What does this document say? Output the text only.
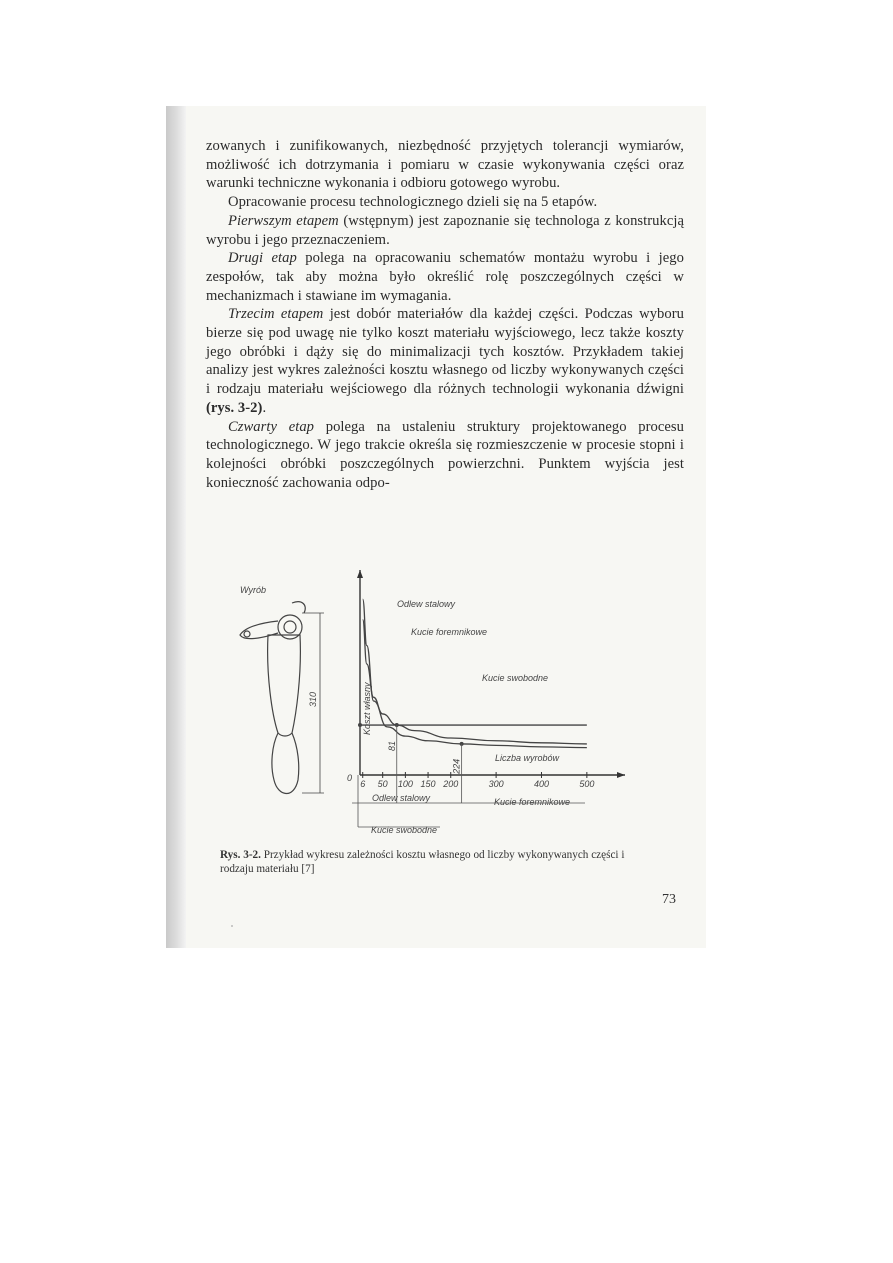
zowanych i zunifikowanych, niezbędność przyjętych tolerancji wymiarów, możliwość ich dotrzymania i pomiaru w czasie wykonywania części oraz warunki techniczne wykonania i odbioru gotowego wyrobu.

Opracowanie procesu technologicznego dzieli się na 5 etapów.

Pierwszym etapem (wstępnym) jest zapoznanie się technologa z konstrukcją wyrobu i jego przeznaczeniem.

Drugi etap polega na opracowaniu schematów montażu wyrobu i jego zespołów, tak aby można było określić rolę poszczególnych części w mechanizmach i stawiane im wymagania.

Trzecim etapem jest dobór materiałów dla każdej części. Podczas wyboru bierze się pod uwagę nie tylko koszt materiału wyjściowego, lecz także koszty jego obróbki i dąży się do minimalizacji tych kosztów. Przykładem takiej analizy jest wykres zależności kosztu własnego od liczby wykonywanych części i rodzaju materiału wejściowego dla różnych technologii wykonania dźwigni (rys. 3-2).

Czwarty etap polega na ustaleniu struktury projektowanego procesu technologicznego. W jego trakcie określa się rozmieszczenie w procesie stopni i kolejności obróbki poszczególnych powierzchni. Punktem wyjścia jest konieczność zachowania odpo-

Wyrób
310	Koszt własny
0
Liczba wyrobów
Odlew stalowy
Kucie foremnikowe
Kucie swobodne
Odlew stalowy	Kucie foremnikowe
Kucie swobodne
6 50 100 150 200	300	400	500
81
224
Rys. 3-2. Przykład wykresu zależności kosztu własnego od liczby wykonywanych części i rodzaju materiału [7]
73
